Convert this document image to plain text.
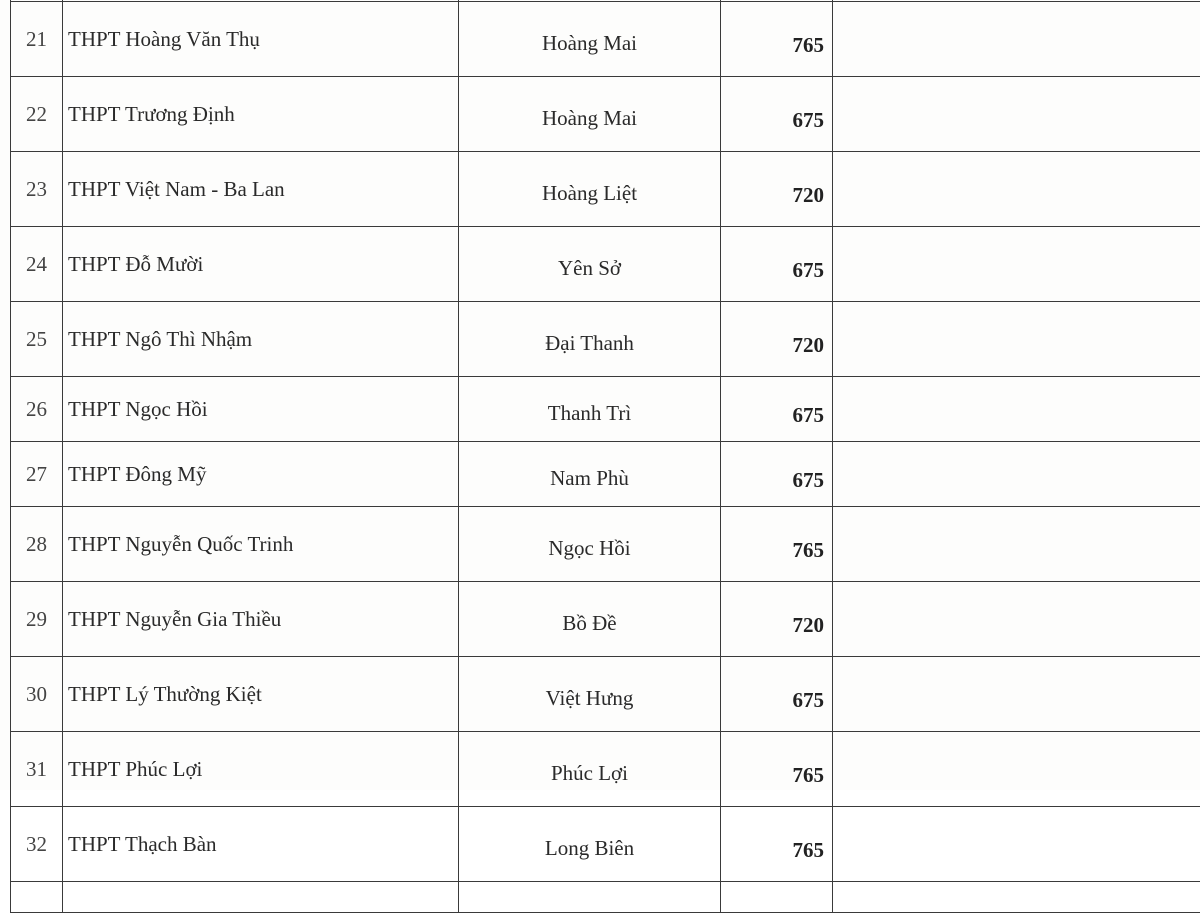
21	THPT Hoàng Văn Thụ	Hoàng Mai	765	
22	THPT Trương Định	Hoàng Mai	675	
23	THPT Việt Nam - Ba Lan	Hoàng Liệt	720	
24	THPT Đỗ Mười	Yên Sở	675	
25	THPT Ngô Thì Nhậm	Đại Thanh	720	
26	THPT Ngọc Hồi	Thanh Trì	675	
27	THPT Đông Mỹ	Nam Phù	675	
28	THPT Nguyễn Quốc Trinh	Ngọc Hồi	765	
29	THPT Nguyễn Gia Thiều	Bồ Đề	720	
30	THPT Lý Thường Kiệt	Việt Hưng	675	
31	THPT Phúc Lợi	Phúc Lợi	765	
32	THPT Thạch Bàn	Long Biên	765	
